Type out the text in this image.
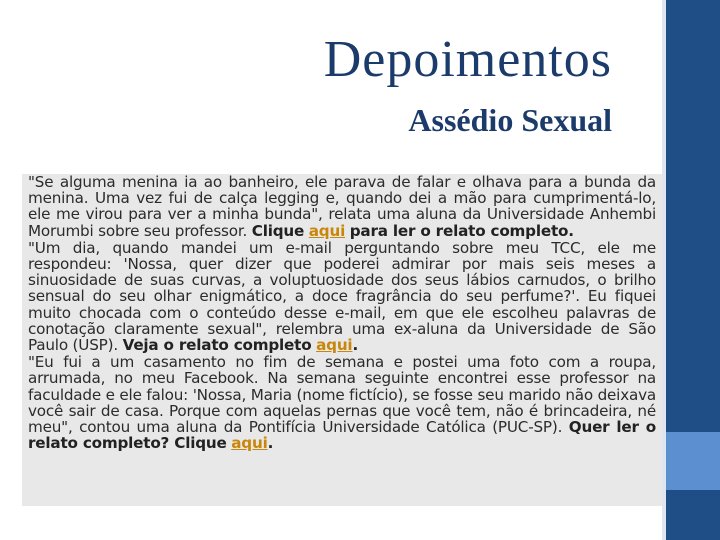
Depoimentos
Assédio Sexual

"Se alguma menina ia ao banheiro, ele parava de falar e olhava para a bunda da menina. Uma vez fui de calça legging e, quando dei a mão para cumprimentá-lo, ele me virou para ver a minha bunda", relata uma aluna da Universidade Anhembi Morumbi sobre seu professor. Clique aqui para ler o relato completo.

"Um dia, quando mandei um e-mail perguntando sobre meu TCC, ele me respondeu: 'Nossa, quer dizer que poderei admirar por mais seis meses a sinuosidade de suas curvas, a voluptuosidade dos seus lábios carnudos, o brilho sensual do seu olhar enigmático, a doce fragrância do seu perfume?'. Eu fiquei muito chocada com o conteúdo desse e-mail, em que ele escolheu palavras de conotação claramente sexual", relembra uma ex-aluna da Universidade de São Paulo (USP). Veja o relato completo aqui.

"Eu fui a um casamento no fim de semana e postei uma foto com a roupa, arrumada, no meu Facebook. Na semana seguinte encontrei esse professor na faculdade e ele falou: 'Nossa, Maria (nome fictício), se fosse seu marido não deixava você sair de casa. Porque com aquelas pernas que você tem, não é brincadeira, né meu", contou uma aluna da Pontifícia Universidade Católica (PUC-SP). Quer ler o relato completo? Clique aqui.
